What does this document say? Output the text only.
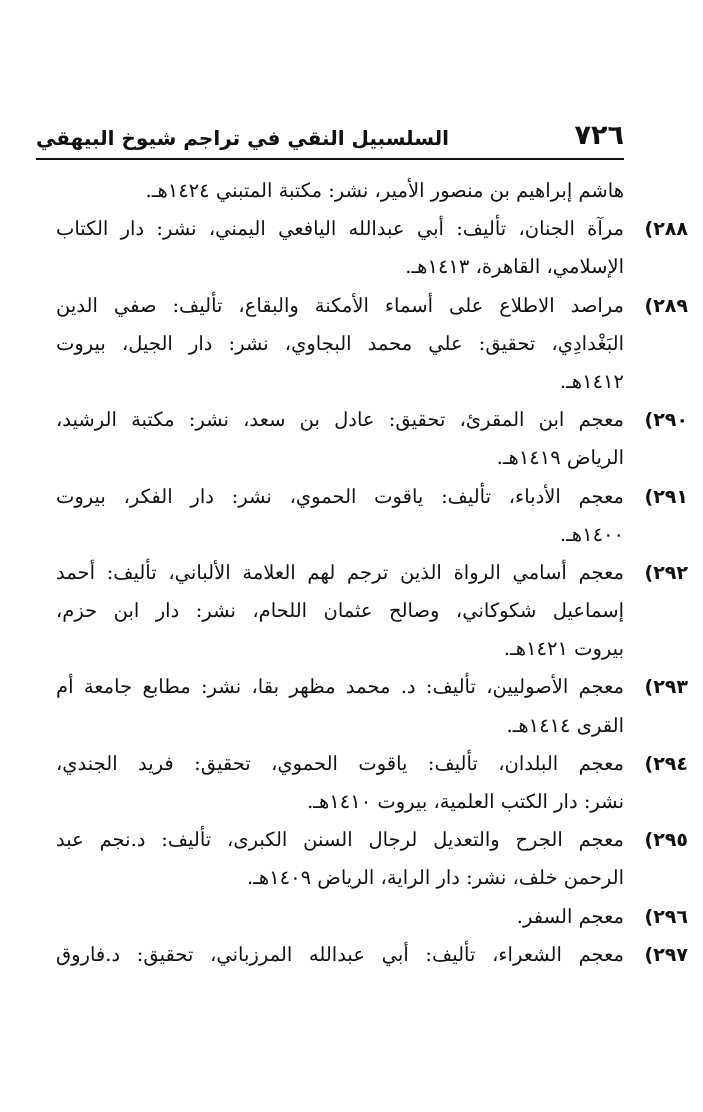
٧٢٦
السلسبيل النقي في تراجم شيوخ البيهقي
هاشم إبراهيم بن منصور الأمير، نشر: مكتبة المتبني ١٤٢٤هـ.
٢٨٨)
مرآة الجنان، تأليف: أبي عبدالله اليافعي اليمني، نشر: دار الكتاب
الإسلامي، القاهرة، ١٤١٣هـ.
٢٨٩)
مراصد الاطلاع على أسماء الأمكنة والبقاع، تأليف: صفي الدين
البَغْدادِي، تحقيق: علي محمد البجاوي، نشر: دار الجيل، بيروت
١٤١٢هـ.
٢٩٠)
معجم ابن المقرئ، تحقيق: عادل بن سعد، نشر: مكتبة الرشيد،
الرياض ١٤١٩هـ.
٢٩١)
معجم الأدباء، تأليف: ياقوت الحموي، نشر: دار الفكر، بيروت
١٤٠٠هـ.
٢٩٢)
معجم أسامي الرواة الذين ترجم لهم العلامة الألباني، تأليف: أحمد
إسماعيل شكوكاني، وصالح عثمان اللحام، نشر: دار ابن حزم،
بيروت ١٤٢١هـ.
٢٩٣)
معجم الأصوليين، تأليف: د. محمد مظهر بقا، نشر: مطابع جامعة أم
القرى ١٤١٤هـ.
٢٩٤)
معجم البلدان، تأليف: ياقوت الحموي، تحقيق: فريد الجندي،
نشر: دار الكتب العلمية، بيروت ١٤١٠هـ.
٢٩٥)
معجم الجرح والتعديل لرجال السنن الكبرى، تأليف: د.نجم عبد
الرحمن خلف، نشر: دار الراية، الرياض ١٤٠٩هـ.
٢٩٦)
معجم السفر.
٢٩٧)
معجم الشعراء، تأليف: أبي عبدالله المرزباني، تحقيق: د.فاروق
